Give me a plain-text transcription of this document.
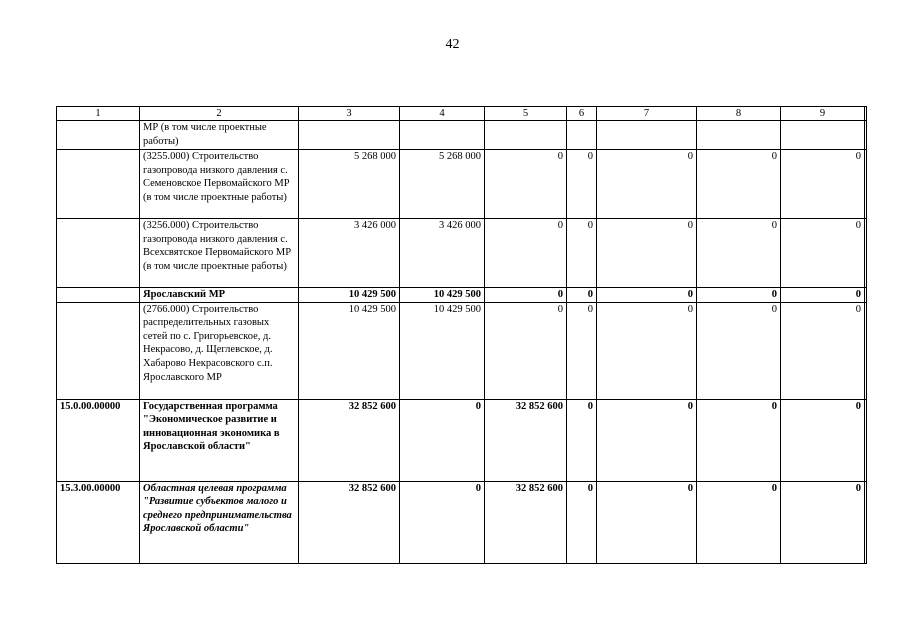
42
1	2	3	4	5	6	7	8	9	
	МР (в том числе проектные работы)								
	(3255.000) Строительство газопровода низкого давления с. Семеновское Первомайского МР (в том числе проектные работы)	5 268 000	5 268 000	0	0	0	0	0	
	(3256.000) Строительство газопровода низкого давления с. Всехсвятское Первомайского МР (в том числе проектные работы)	3 426 000	3 426 000	0	0	0	0	0	
	Ярославский МР	10 429 500	10 429 500	0	0	0	0	0	
	(2766.000) Строительство распределительных газовых сетей по с. Григорьевское, д. Некрасово, д. Щеглевское, д. Хабарово Некрасовского с.п. Ярославского МР	10 429 500	10 429 500	0	0	0	0	0	
15.0.00.00000	Государственная программа "Экономическое развитие и инновационная экономика в Ярославской области"	32 852 600	0	32 852 600	0	0	0	0	
15.3.00.00000	Областная целевая программа "Развитие субъектов малого и среднего предпринимательства Ярославской области"	32 852 600	0	32 852 600	0	0	0	0	
